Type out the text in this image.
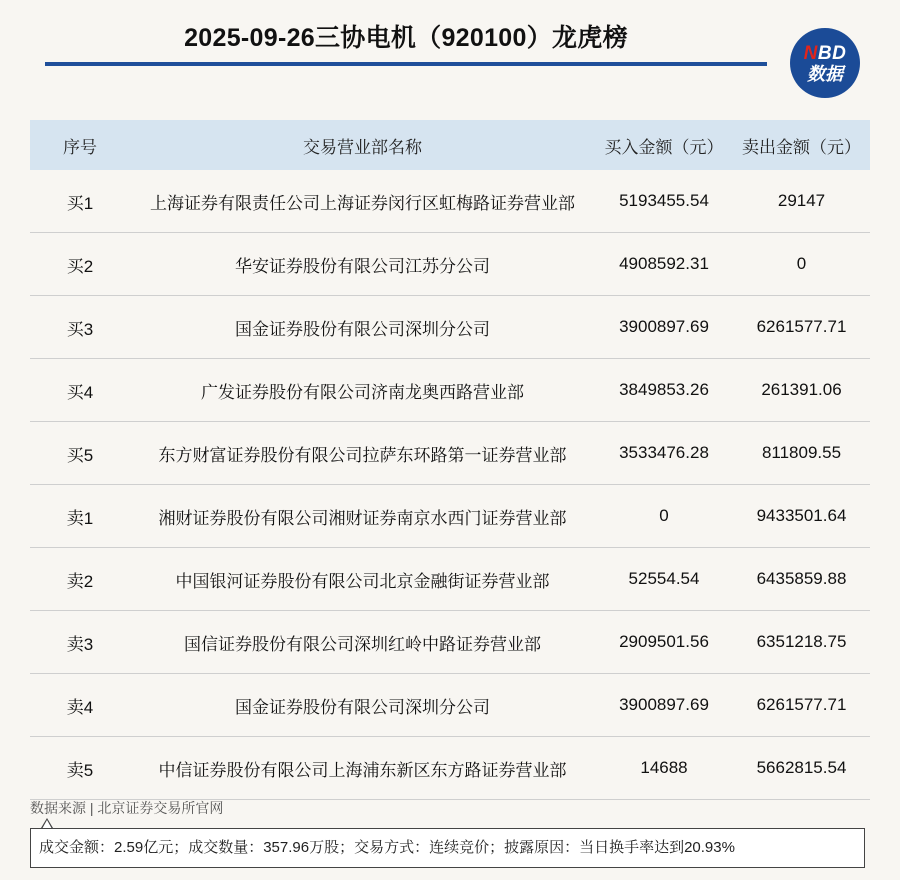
2025-09-26三协电机（920100）龙虎榜
NBD
数据
序号	交易营业部名称	买入金额（元）	卖出金额（元）
买1	上海证券有限责任公司上海证券闵行区虹梅路证券营业部	5193455.54	29147
买2	华安证券股份有限公司江苏分公司	4908592.31	0
买3	国金证券股份有限公司深圳分公司	3900897.69	6261577.71
买4	广发证券股份有限公司济南龙奥西路营业部	3849853.26	261391.06
买5	东方财富证券股份有限公司拉萨东环路第一证券营业部	3533476.28	811809.55
卖1	湘财证券股份有限公司湘财证券南京水西门证券营业部	0	9433501.64
卖2	中国银河证券股份有限公司北京金融街证券营业部	52554.54	6435859.88
卖3	国信证券股份有限公司深圳红岭中路证券营业部	2909501.56	6351218.75
卖4	国金证券股份有限公司深圳分公司	3900897.69	6261577.71
卖5	中信证券股份有限公司上海浦东新区东方路证券营业部	14688	5662815.54
数据来源 | 北京证券交易所官网
成交金额：2.59亿元；成交数量：357.96万股；交易方式：连续竞价；披露原因：当日换手率达到20.93%
